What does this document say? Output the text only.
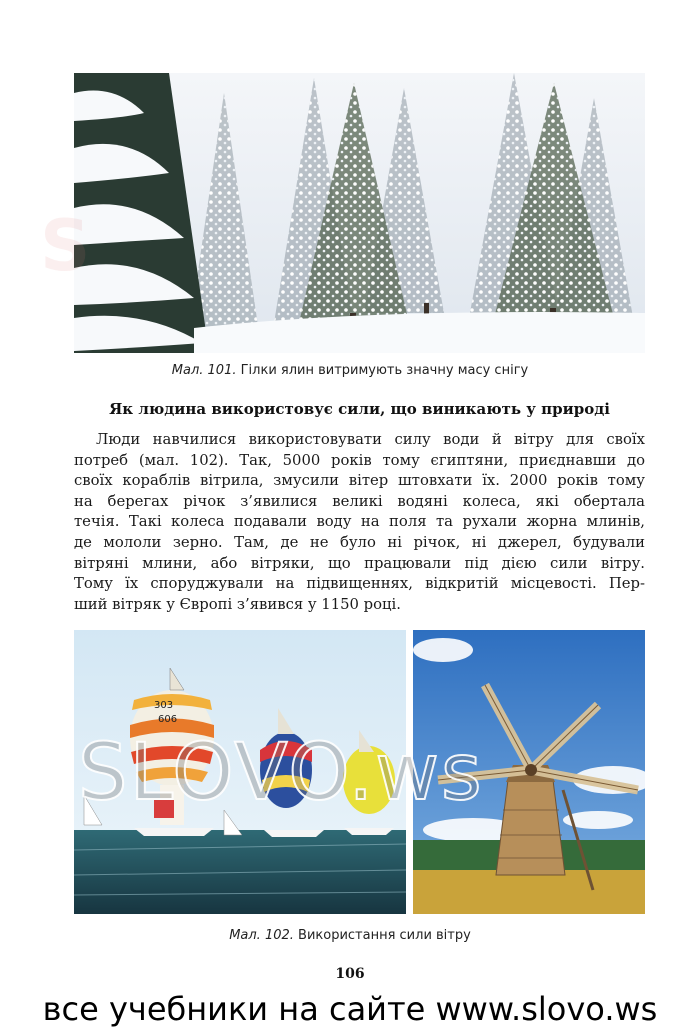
S
Мал. 101. Гілки ялин витримують значну масу снігу
Як людина використовує сили, що виникають у природі
Люди навчилися використовувати силу води й вітру для своїх
потреб (мал. 102). Так, 5000 років тому єгиптяни, приєднавши до
своїх кораблів вітрила, змусили вітер штовхати їх. 2000 років тому
на берегах річок з’явилися великі водяні колеса, які обертала
течія. Такі колеса подавали воду на поля та рухали жорна млинів,
де мололи зерно. Там, де не було ні річок, ні джерел, будували
вітряні млини, або вітряки, що працювали під дією сили вітру.
Тому їх споруджували на підвищеннях, відкритій місцевості. Пер-
ший вітряк у Європі з’явився у 1150 році.
303
606
Мал. 102. Використання сили вітру
106
все учебники на сайте www.slovo.ws
